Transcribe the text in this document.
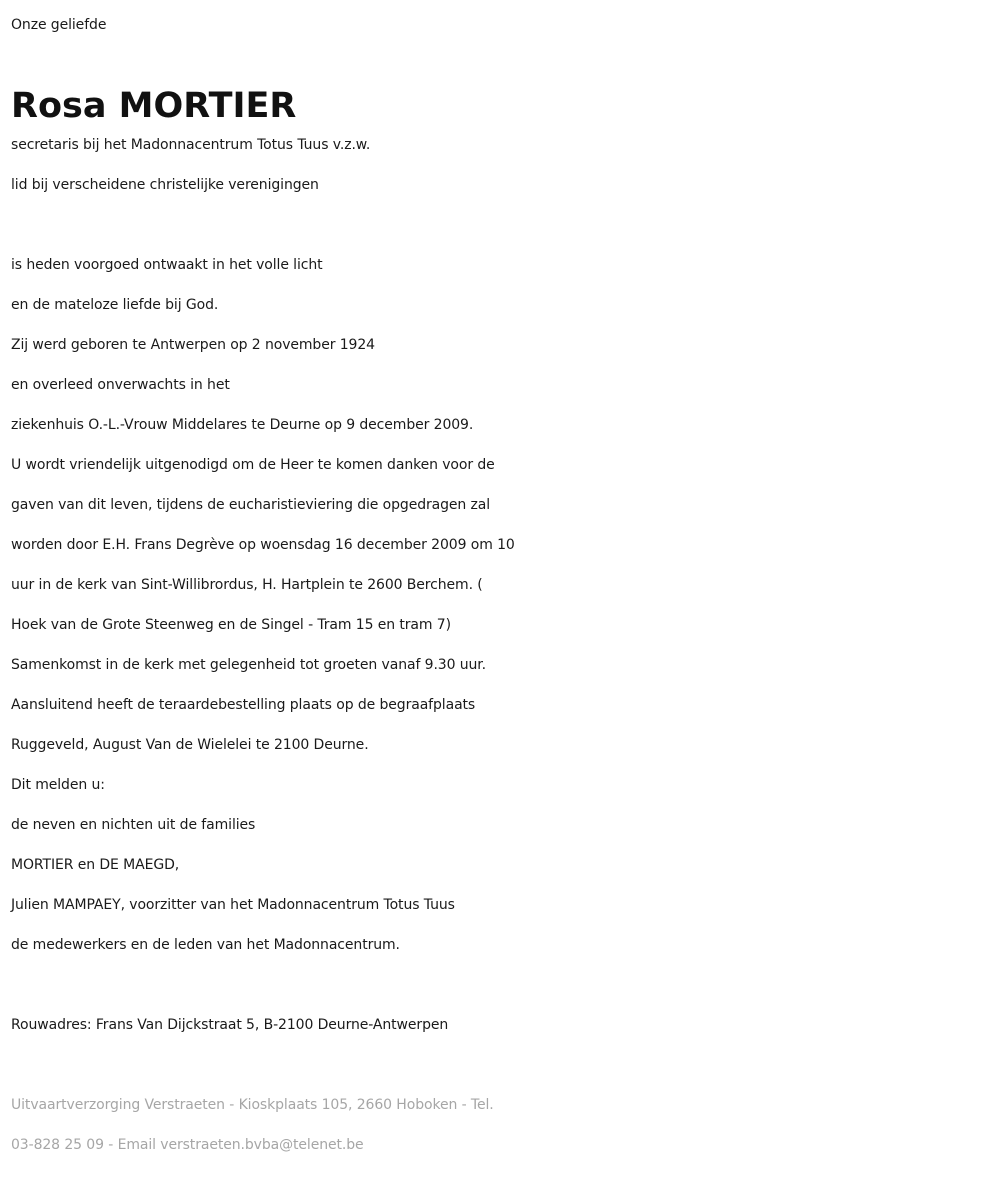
Onze geliefde
Rosa MORTIER
secretaris bij het Madonnacentrum Totus Tuus v.z.w.
lid bij verscheidene christelijke verenigingen
is heden voorgoed ontwaakt in het volle licht
en de mateloze liefde bij God.
Zij werd geboren te Antwerpen op 2 november 1924
en overleed onverwachts in het
ziekenhuis O.-L.-Vrouw Middelares te Deurne op 9 december 2009.
U wordt vriendelijk uitgenodigd om de Heer te komen danken voor de
gaven van dit leven, tijdens de eucharistieviering die opgedragen zal
worden door E.H. Frans Degrève op woensdag 16 december 2009 om 10
uur in de kerk van Sint-Willibrordus, H. Hartplein te 2600 Berchem. (
Hoek van de Grote Steenweg en de Singel - Tram 15 en tram 7)
Samenkomst in de kerk met gelegenheid tot groeten vanaf 9.30 uur.
Aansluitend heeft de teraardebestelling plaats op de begraafplaats
Ruggeveld, August Van de Wielelei te 2100 Deurne.
Dit melden u:
de neven en nichten uit de families
MORTIER en DE MAEGD,
Julien MAMPAEY, voorzitter van het Madonnacentrum Totus Tuus
de medewerkers en de leden van het Madonnacentrum.
Rouwadres: Frans Van Dijckstraat 5, B-2100 Deurne-Antwerpen
Uitvaartverzorging Verstraeten - Kioskplaats 105, 2660 Hoboken - Tel.
03-828 25 09 - Email verstraeten.bvba@telenet.be
